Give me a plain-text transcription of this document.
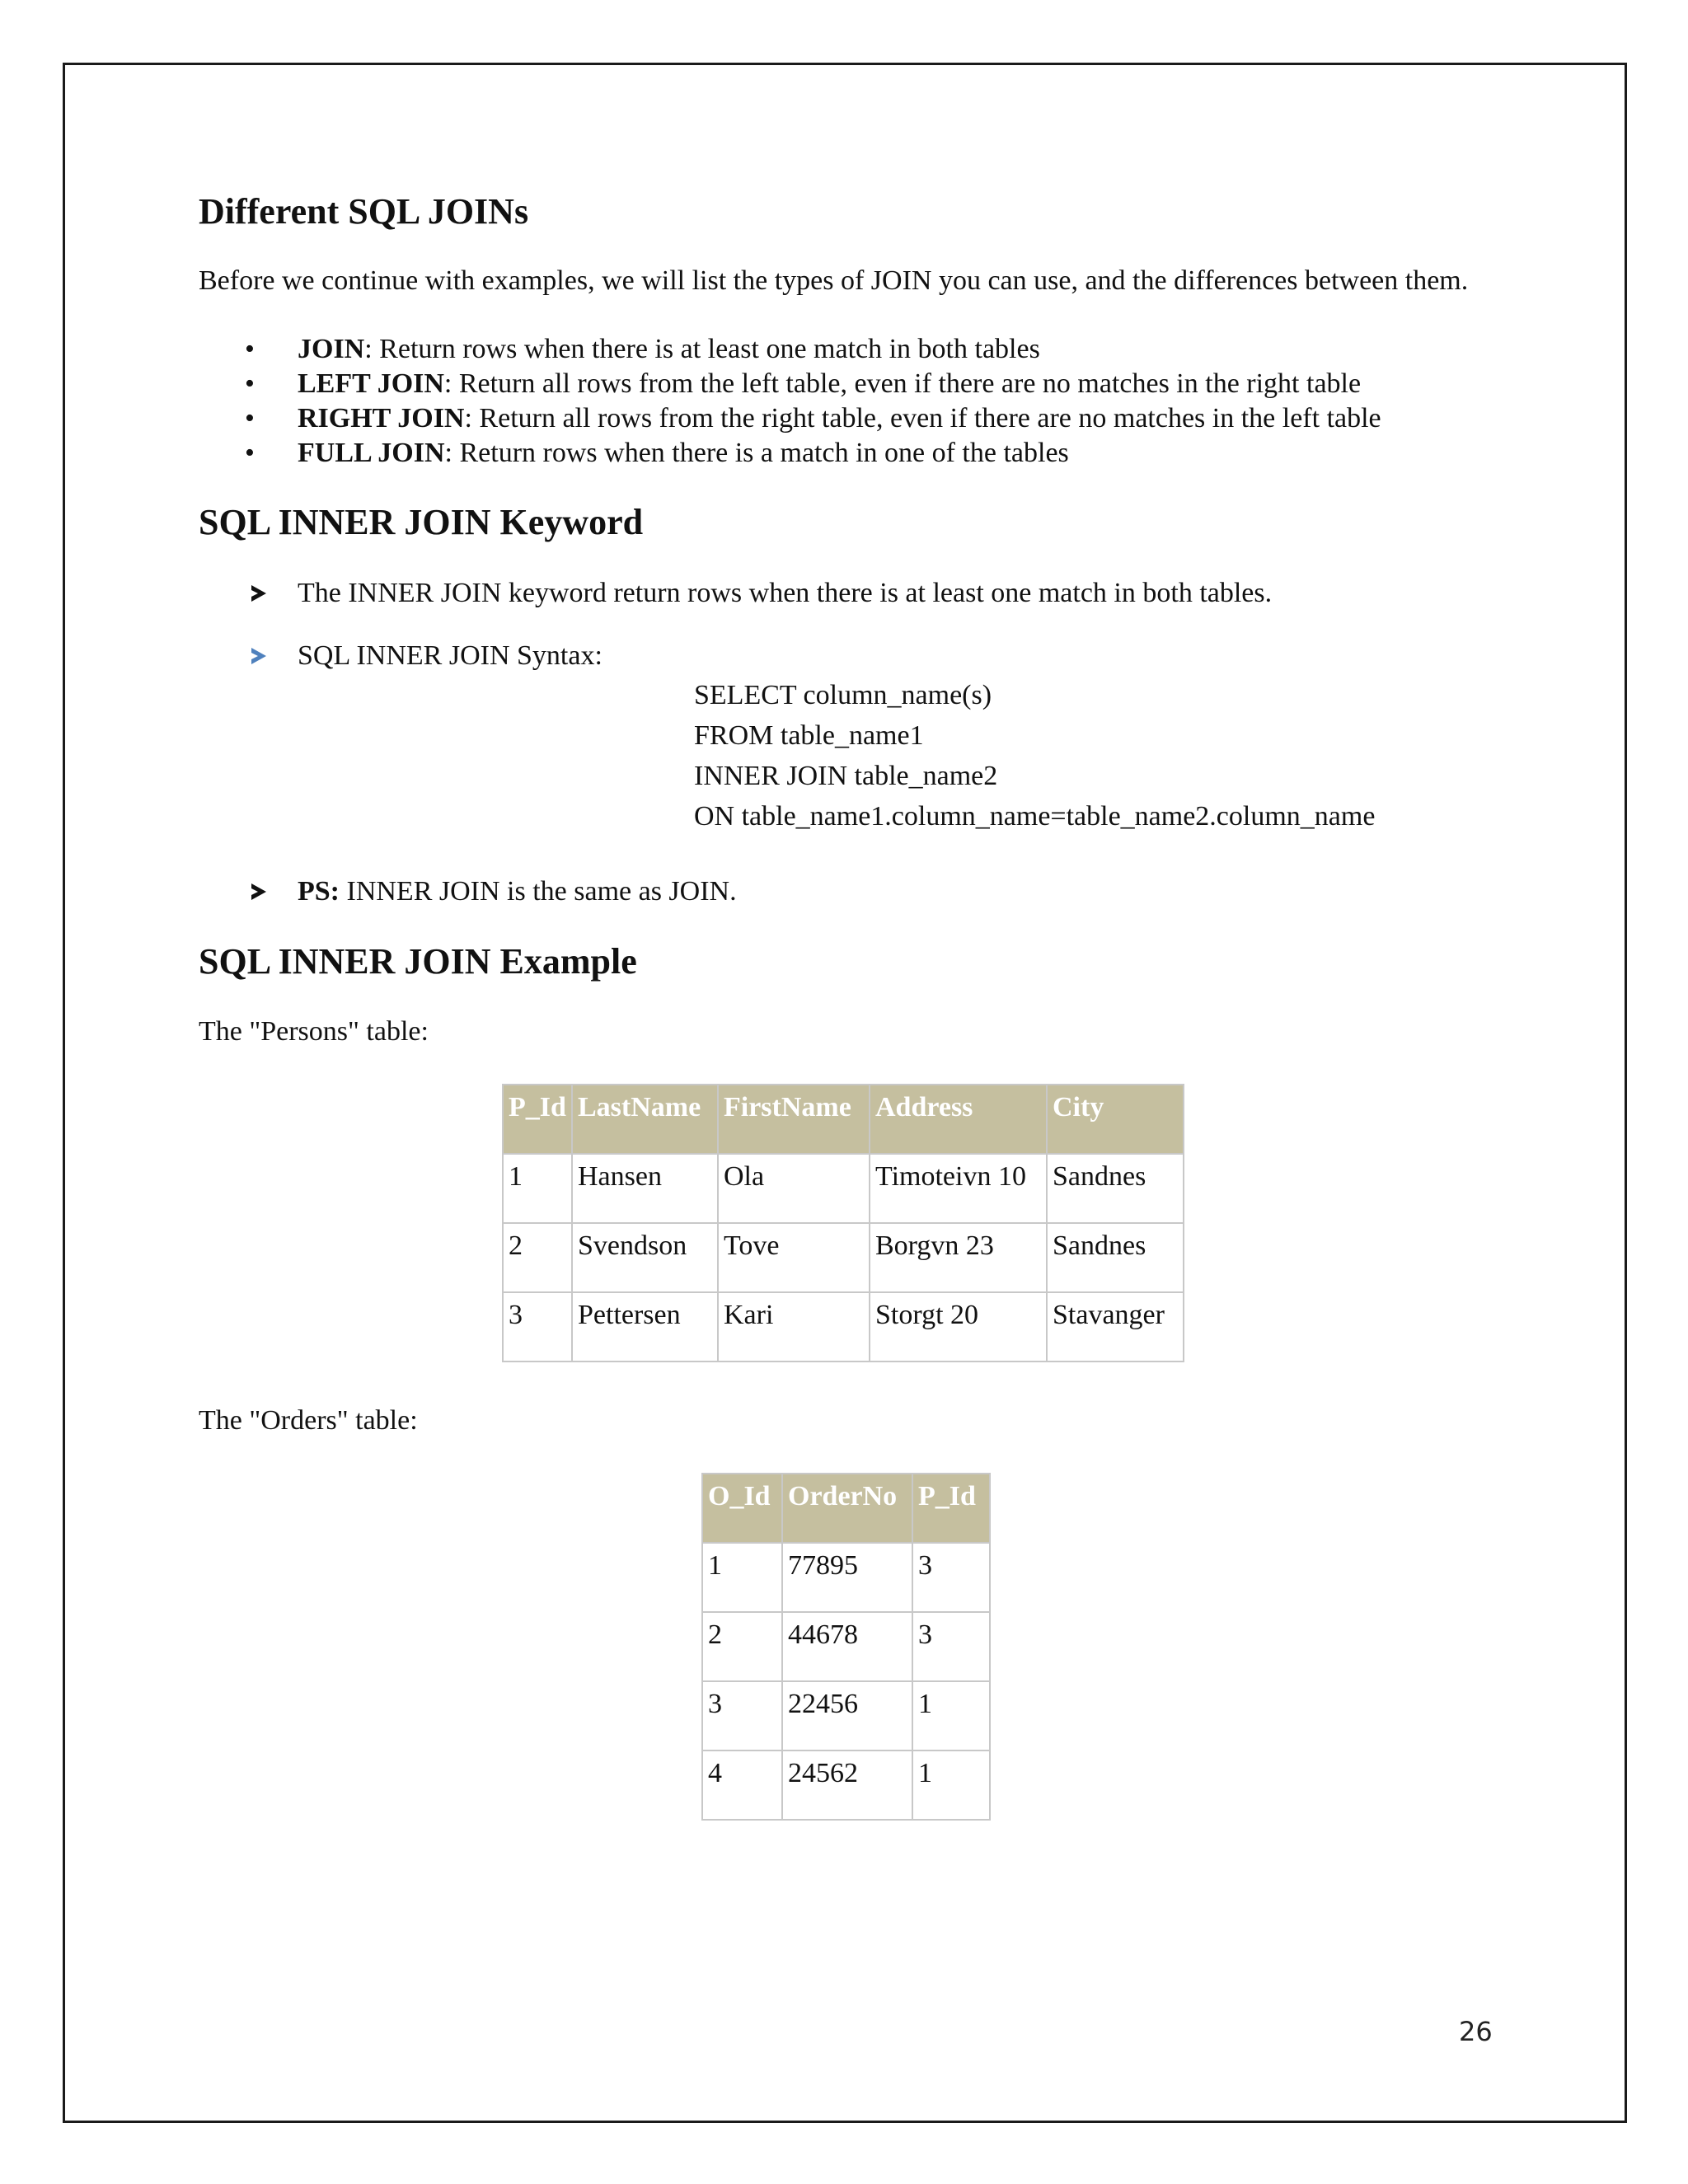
Different SQL JOINs

Before we continue with examples, we will list the types of JOIN you can use, and the differences between them.

• JOIN: Return rows when there is at least one match in both tables
• LEFT JOIN: Return all rows from the left table, even if there are no matches in the right table
• RIGHT JOIN: Return all rows from the right table, even if there are no matches in the left table
• FULL JOIN: Return rows when there is a match in one of the tables
SQL INNER JOIN Keyword
The INNER JOIN keyword return rows when there is at least one match in both tables.
SQL INNER JOIN Syntax:
SELECT column_name(s)
FROM table_name1
INNER JOIN table_name2
ON table_name1.column_name=table_name2.column_name
PS: INNER JOIN is the same as JOIN.
SQL INNER JOIN Example

The "Persons" table:

P_Id	LastName	FirstName	Address	City
1	Hansen	Ola	Timoteivn 10	Sandnes
2	Svendson	Tove	Borgvn 23	Sandnes
3	Pettersen	Kari	Storgt 20	Stavanger

The "Orders" table:

O_Id	OrderNo	P_Id
1	77895	3
2	44678	3
3	22456	1
4	24562	1
26
